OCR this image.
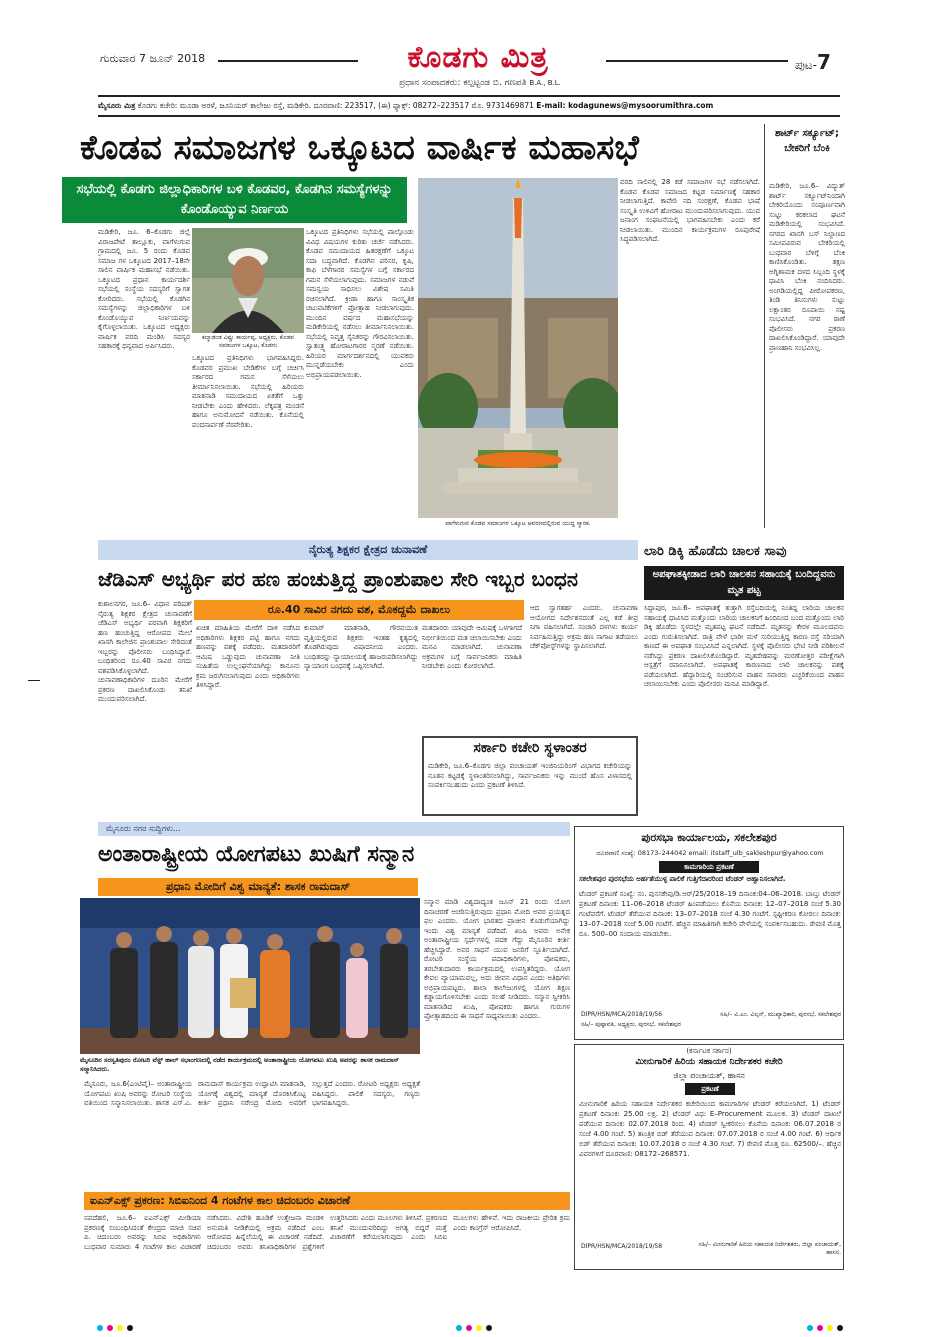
ಗುರುವಾರ 7 ಜೂನ್ 2018	ಕೊಡಗು ಮಿತ್ರ	ಪುಟ-7
ಪ್ರಧಾನ ಸಂಪಾದಕರು: ಕಲ್ಪಟ್ಟಂಡ ಬಿ. ಗಣಪತಿ B.A., B.L.
ಮೈಸೂರು ಮಿತ್ರ ಕೊಡಗು ಕಚೇರಿ: ಮೂಡಾ ಅರಳೆ, ಜೂನಿಯರ್ ಕಾಲೇಜು ರಸ್ತೆ, ಮಡಿಕೇರಿ. ದೂರವಾಣಿ: 223517, (ಈ) ಫ್ಯಾಕ್ಸ್: 08272–223517 ಮೊ. 9731469871 E-mail: kodagunews@mysoorumithra.com
ಕೊಡವ ಸಮಾಜಗಳ ಒಕ್ಕೂಟದ ವಾರ್ಷಿಕ ಮಹಾಸಭೆ
ಸಭೆಯಲ್ಲಿ ಕೊಡಗು ಜಿಲ್ಲಾಧಿಕಾರಿಗಳ ಬಳಿ ಕೊಡವರ, ಕೊಡಗಿನ ಸಮಸ್ಯೆಗಳನ್ನು ಕೊಂಡೊಯ್ಯುವ ನಿರ್ಣಯ
ಮಡಿಕೇರಿ, ಜೂ. 6–ಕೊಡಗು ಜಿಲ್ಲೆ ವಿರಾಜಪೇಟೆ ತಾಲ್ಲೂಕು, ವಾಗೆಳುಗುವ ಗ್ರಾಮದಲ್ಲಿ ಜೂ. 5 ರಂದು ಕೊಡವ ಸಮಾಜ ಗಳ ಒಕ್ಕೂಟದ 2017–18ನೇ ಸಾಲಿನ ವಾರ್ಷಿಕ ಮಹಾಸಭೆ ನಡೆಯಿತು. ಒಕ್ಕೂಟದ ಪ್ರಧಾನ ಕಾರ್ಯದರ್ಶಿ ಸಭೆಯಲ್ಲಿ ಸಂಸ್ಥೆಯ ಸದಸ್ಯರಿಗೆ ಸ್ವಾಗತ ಕೋರಿದರು. ಸಭೆಯಲ್ಲಿ ಕೊಡಗಿನ ಸಮಸ್ಯೆಗಳನ್ನು ಜಿಲ್ಲಾಧಿಕಾರಿಗಳ ಬಳಿ ಕೊಂಡೊಯ್ಯುವ ನಿರ್ಣಯವನ್ನು ಕೈಗೊಳ್ಳಲಾಯಿತು. ಒಕ್ಕೂಟದ ಅಧ್ಯಕ್ಷರು ವಾರ್ಷಿಕ ವರದಿ ಮಂಡಿಸಿ ಸದಸ್ಯರ ಸಹಕಾರಕ್ಕೆ ಧನ್ಯವಾದ ಅರ್ಪಿಸಿದರು.
ಕಲ್ಮಾಡಂಡ ವಿಷ್ಣು ಕಾರ್ಯಪ್ಪ, ಅಧ್ಯಕ್ಷರು, ಕೊಡವ ಸಮಾಜಗಳ ಒಕ್ಕೂಟ, ಕೊಡಗು
ಒಕ್ಕೂಟದ ಪ್ರತಿನಿಧಿಗಳು ಭಾಗವಹಿಸಿದ್ದರು. ಕೊಡವರ ಪ್ರಮುಖ ಬೇಡಿಕೆಗಳ ಬಗ್ಗೆ ಚರ್ಚಿಸಿ ಸರ್ಕಾರದ ಗಮನ ಸೆಳೆಯಲು ತೀರ್ಮಾನಿಸಲಾಯಿತು. ಸಭೆಯಲ್ಲಿ ಹಿರಿಯರು ಮಾತನಾಡಿ ಸಮುದಾಯದ ಏಕತೆಗೆ ಒತ್ತು ನೀಡಬೇಕು ಎಂದು ಹೇಳಿದರು. ಲೆಕ್ಕಪತ್ರ ಮಂಡನೆ ಹಾಗೂ ಅನುಮೋದನೆ ನಡೆಯಿತು. ಕೊನೆಯಲ್ಲಿ ವಂದನಾರ್ಪಣೆ ನೆರವೇರಿತು.
ಒಕ್ಕೂಟದ ಪ್ರತಿನಿಧಿಗಳು ಸಭೆಯಲ್ಲಿ ಪಾಲ್ಗೊಂಡು ವಿವಿಧ ವಿಷಯಗಳ ಕುರಿತು ಚರ್ಚೆ ನಡೆಸಿದರು. ಕೊಡವ ಸಮುದಾಯದ ಹಿತರಕ್ಷಣೆಗೆ ಒಕ್ಕೂಟ ಸದಾ ಬದ್ಧವಾಗಿದೆ. ಕೊಡಗಿನ ಪರಿಸರ, ಕೃಷಿ, ಕಾಫಿ ಬೆಳೆಗಾರರ ಸಮಸ್ಯೆಗಳ ಬಗ್ಗೆ ಸರ್ಕಾರದ ಗಮನ ಸೆಳೆಯಲಾಗುವುದು. ಸಮಾಜಗಳ ನಡುವೆ ಸಮನ್ವಯ ಸಾಧಿಸಲು ವಿಶೇಷ ಸಮಿತಿ ರಚಿಸಲಾಗಿದೆ. ಕ್ರೀಡಾ ಹಾಗೂ ಸಾಂಸ್ಕೃತಿಕ ಚಟುವಟಿಕೆಗಳಿಗೆ ಪ್ರೋತ್ಸಾಹ ನೀಡಲಾಗುವುದು. ಮುಂದಿನ ವರ್ಷದ ಮಹಾಸಭೆಯನ್ನು ಮಡಿಕೇರಿಯಲ್ಲಿ ನಡೆಸಲು ತೀರ್ಮಾನಿಸಲಾಯಿತು. ಸಭೆಯಲ್ಲಿ ನಿವೃತ್ತ ಸೈನಿಕರನ್ನು ಗೌರವಿಸಲಾಯಿತು. ಸ್ವಾತಂತ್ರ್ಯ ಹೋರಾಟಗಾರರ ಸ್ಮರಣೆ ನಡೆಯಿತು. ಹಿರಿಯರ ಮಾರ್ಗದರ್ಶನದಲ್ಲಿ ಯುವಕರು ಮುನ್ನಡೆಯಬೇಕು ಎಂದು ಅಭಿಪ್ರಾಯಪಡಲಾಯಿತು.
ವಾಗೆಳುಗುವ ಕೊಡವ ಸಮಾಜಗಳ ಒಕ್ಕೂಟ ಆವರಣದಲ್ಲಿರುವ ಯುದ್ಧ ಸ್ಮಾರಕ.
ವರದಿ ಸಾಲಿನಲ್ಲಿ 28 ಕಡೆ ಸಮಾಜಗಳ ಸಭೆ ನಡೆಸಲಾಗಿದೆ. ಕೊಡವ ಕೊಡವ ಸಮಾಜದ ಕಟ್ಟಡ ನಿರ್ಮಾಣಕ್ಕೆ ಸಹಕಾರ ನೀಡಲಾಗುತ್ತಿದೆ. ಕಾವೇರಿ ನದಿ ಸಂರಕ್ಷಣೆ, ಕೊಡವ ಭಾಷೆ ಸಂಸ್ಕೃತಿ ಉಳಿವಿಗೆ ಹೋರಾಟ ಮುಂದುವರಿಸಲಾಗುವುದು. ಯುವ ಜನಾಂಗ ಸಂಘಟನೆಯಲ್ಲಿ ಭಾಗವಹಿಸಬೇಕು ಎಂದು ಕರೆ ನೀಡಲಾಯಿತು. ಮುಂದಿನ ಕಾರ್ಯಕ್ರಮಗಳ ರೂಪುರೇಷೆ ಸಿದ್ಧಪಡಿಸಲಾಗಿದೆ.
ಶಾರ್ಟ್ ಸರ್ಕ್ಯೂಟ್; ಬೇಕರಿಗೆ ಬೆಂಕಿ
ಮಡಿಕೇರಿ, ಜೂ.6– ವಿದ್ಯುತ್ ಶಾರ್ಟ್ ಸರ್ಕ್ಯೂಟ್‌ನಿಂದಾಗಿ ಬೇಕರಿಯೊಂದು ಸಂಪೂರ್ಣವಾಗಿ ಸುಟ್ಟು ಕರಕಲಾದ ಘಟನೆ ಮಡಿಕೇರಿಯಲ್ಲಿ ಸಂಭವಿಸಿದೆ. ನಗರದ ಖಾಸಗಿ ಬಸ್ ನಿಲ್ದಾಣದ ಸಮೀಪವಿರುವ ಬೇಕರಿಯಲ್ಲಿ ಬುಧವಾರ ಬೆಳಿಗ್ಗೆ ಬೆಂಕಿ ಕಾಣಿಸಿಕೊಂಡಿತು. ತಕ್ಷಣ ಅಗ್ನಿಶಾಮಕ ದಳದ ಸಿಬ್ಬಂದಿ ಸ್ಥಳಕ್ಕೆ ಧಾವಿಸಿ ಬೆಂಕಿ ನಂದಿಸಿದರು. ಅಂಗಡಿಯಲ್ಲಿದ್ದ ಪೀಠೋಪಕರಣ, ತಿಂಡಿ ತಿನಿಸುಗಳು ಸುಟ್ಟು ಲಕ್ಷಾಂತರ ರೂಪಾಯಿ ನಷ್ಟ ಸಂಭವಿಸಿದೆ. ನಗರ ಠಾಣೆ ಪೊಲೀಸರು ಪ್ರಕರಣ ದಾಖಲಿಸಿಕೊಂಡಿದ್ದಾರೆ. ಯಾವುದೇ ಪ್ರಾಣಹಾನಿ ಸಂಭವಿಸಿಲ್ಲ.
ನೈರುತ್ಯ ಶಿಕ್ಷಕರ ಕ್ಷೇತ್ರದ ಚುನಾವಣೆ
ಜೆಡಿಎಸ್ ಅಭ್ಯರ್ಥಿ ಪರ ಹಣ ಹಂಚುತ್ತಿದ್ದ ಪ್ರಾಂಶುಪಾಲ ಸೇರಿ ಇಬ್ಬರ ಬಂಧನ
ರೂ.40 ಸಾವಿರ ನಗದು ವಶ, ಮೊಕದ್ದಮೆ ದಾಖಲು
ಕುಶಾಲನಗರ, ಜೂ.6– ವಿಧಾನ ಪರಿಷತ್ ನೈರುತ್ಯ ಶಿಕ್ಷಕರ ಕ್ಷೇತ್ರದ ಚುನಾವಣೆಗೆ ಜೆಡಿಎಸ್ ಅಭ್ಯರ್ಥಿ ಪರವಾಗಿ ಶಿಕ್ಷಕರಿಗೆ ಹಣ ಹಂಚುತ್ತಿದ್ದ ಆರೋಪದ ಮೇಲೆ ಖಾಸಗಿ ಕಾಲೇಜಿನ ಪ್ರಾಂಶುಪಾಲ ಸೇರಿದಂತೆ ಇಬ್ಬರನ್ನು ಪೊಲೀಸರು ಬಂಧಿಸಿದ್ದಾರೆ. ಬಂಧಿತರಿಂದ ರೂ.40 ಸಾವಿರ ನಗದು ವಶಪಡಿಸಿಕೊಳ್ಳಲಾಗಿದೆ. ಚುನಾವಣಾಧಿಕಾರಿಗಳ ದೂರಿನ ಮೇರೆಗೆ ಪ್ರಕರಣ ದಾಖಲಿಸಿಕೊಂಡು ತನಿಖೆ ಮುಂದುವರಿಸಲಾಗಿದೆ.
ಖಚಿತ ಮಾಹಿತಿಯ ಮೇರೆಗೆ ದಾಳಿ ನಡೆಸಿದ ಅಧಿಕಾರಿಗಳು ಶಿಕ್ಷಕರ ಪಟ್ಟಿ ಹಾಗೂ ನಗದು ಹಣವನ್ನು ವಶಕ್ಕೆ ಪಡೆದರು. ಮತದಾರರಿಗೆ ಆಮಿಷ ಒಡ್ಡುವುದು ಚುನಾವಣಾ ನೀತಿ ಸಂಹಿತೆಯ ಉಲ್ಲಂಘನೆಯಾಗಿದ್ದು ಕಾನೂನು ಕ್ರಮ ಜರುಗಿಸಲಾಗುವುದು ಎಂದು ಅಧಿಕಾರಿಗಳು ತಿಳಿಸಿದ್ದಾರೆ.
ಕುಮಾರ್ ಮಾತನಾಡಿ, ಗೌರವಯುತ ವೃತ್ತಿಯಲ್ಲಿರುವ ಶಿಕ್ಷಕರು ಇಂತಹ ಕೃತ್ಯದಲ್ಲಿ ತೊಡಗಿರುವುದು ವಿಷಾದನೀಯ ಎಂದರು. ಬಂಧಿತರನ್ನು ನ್ಯಾಯಾಲಯಕ್ಕೆ ಹಾಜರುಪಡಿಸಲಾಗಿದ್ದು ನ್ಯಾಯಾಂಗ ಬಂಧನಕ್ಕೆ ಒಪ್ಪಿಸಲಾಗಿದೆ.
ಮತದಾರರು ಯಾವುದೇ ಆಮಿಷಕ್ಕೆ ಒಳಗಾಗದೆ ನಿರ್ಭೀತಿಯಿಂದ ಮತ ಚಲಾಯಿಸಬೇಕು ಎಂದು ಮನವಿ ಮಾಡಲಾಗಿದೆ. ಚುನಾವಣಾ ಅಕ್ರಮಗಳ ಬಗ್ಗೆ ಸಾರ್ವಜನಿಕರು ಮಾಹಿತಿ ನೀಡಬೇಕು ಎಂದು ಕೋರಲಾಗಿದೆ.
ಆದ ಸ್ವಾಗತರ್ಹ ಎಂದರು. ಚುನಾವಣಾ ಆಯೋಗದ ನಿರ್ದೇಶನದಂತೆ ಎಲ್ಲ ಕಡೆ ತೀವ್ರ ನಿಗಾ ವಹಿಸಲಾಗಿದೆ. ಸಂಚಾರಿ ದಳಗಳು ಕಾರ್ಯ ನಿರ್ವಹಿಸುತ್ತಿದ್ದು ಅಕ್ರಮ ಹಣ ಸಾಗಾಟ ತಡೆಯಲು ಚೆಕ್‌ಪೋಸ್ಟ್‌ಗಳನ್ನು ಸ್ಥಾಪಿಸಲಾಗಿದೆ.
ಸರ್ಕಾರಿ ಕಚೇರಿ ಸ್ಥಳಾಂತರ
ಮಡಿಕೇರಿ, ಜೂ.6–ಕೊಡಗು ಜಿಲ್ಲಾ ಪಂಚಾಯತ್ ಇಂಜಿನಿಯರಿಂಗ್ ವಿಭಾಗದ ಕಚೇರಿಯನ್ನು ನೂತನ ಕಟ್ಟಡಕ್ಕೆ ಸ್ಥಳಾಂತರಿಸಲಾಗಿದ್ದು, ಸಾರ್ವಜನಿಕರು ಇನ್ನು ಮುಂದೆ ಹೊಸ ವಿಳಾಸದಲ್ಲಿ ಸಂಪರ್ಕಿಸಬಹುದು ಎಂದು ಪ್ರಕಟಣೆ ತಿಳಿಸಿದೆ.
ಲಾರಿ ಡಿಕ್ಕಿ ಹೊಡೆದು ಚಾಲಕ ಸಾವು
ಅಪಘಾತಕ್ಕೀಡಾದ ಲಾರಿ ಚಾಲಕನ ಸಹಾಯಕ್ಕೆ ಬಂದಿದ್ದವನು ಮೃತ ಪಟ್ಟ
ಸಿದ್ದಾಪುರ, ಜೂ.6– ಅಪಘಾತಕ್ಕೆ ತುತ್ತಾಗಿ ರಸ್ತೆಬದಿಯಲ್ಲಿ ನಿಂತಿದ್ದ ಲಾರಿಯ ಚಾಲಕನ ಸಹಾಯಕ್ಕೆ ಧಾವಿಸಿದ ಮತ್ತೊಂದು ಲಾರಿಯ ಚಾಲಕನಿಗೆ ಹಿಂದಿನಿಂದ ಬಂದ ಮತ್ತೊಂದು ಲಾರಿ ಡಿಕ್ಕಿ ಹೊಡೆದು ಸ್ಥಳದಲ್ಲೇ ಮೃತಪಟ್ಟ ಘಟನೆ ನಡೆದಿದೆ. ಮೃತನನ್ನು ಕೇರಳ ಮೂಲದವನು ಎಂದು ಗುರುತಿಸಲಾಗಿದೆ. ರಾತ್ರಿ ವೇಳೆ ಭಾರೀ ಮಳೆ ಸುರಿಯುತ್ತಿದ್ದ ಕಾರಣ ರಸ್ತೆ ಸರಿಯಾಗಿ ಕಾಣದೆ ಈ ಅಪಘಾತ ಸಂಭವಿಸಿದೆ ಎನ್ನಲಾಗಿದೆ. ಸ್ಥಳಕ್ಕೆ ಪೊಲೀಸರು ಭೇಟಿ ನೀಡಿ ಪರಿಶೀಲನೆ ನಡೆಸಿದ್ದು ಪ್ರಕರಣ ದಾಖಲಿಸಿಕೊಂಡಿದ್ದಾರೆ. ಮೃತದೇಹವನ್ನು ಮರಣೋತ್ತರ ಪರೀಕ್ಷೆಗಾಗಿ ಆಸ್ಪತ್ರೆಗೆ ರವಾನಿಸಲಾಗಿದೆ. ಅಪಘಾತಕ್ಕೆ ಕಾರಣನಾದ ಲಾರಿ ಚಾಲಕನನ್ನು ವಶಕ್ಕೆ ಪಡೆಯಲಾಗಿದೆ. ಹೆದ್ದಾರಿಯಲ್ಲಿ ಸಂಚರಿಸುವ ವಾಹನ ಸವಾರರು ಎಚ್ಚರಿಕೆಯಿಂದ ವಾಹನ ಚಲಾಯಿಸಬೇಕು ಎಂದು ಪೊಲೀಸರು ಮನವಿ ಮಾಡಿದ್ದಾರೆ.
ಮೈಸೂರು ನಗರ ಸುದ್ದಿಗಳು...
ಅಂತಾರಾಷ್ಟ್ರೀಯ ಯೋಗಪಟು ಖುಷಿಗೆ ಸನ್ಮಾನ
ಪ್ರಧಾನಿ ಮೋದಿಗೆ ವಿಶ್ವ ಮಾನ್ಯತೆ: ಶಾಸಕ ರಾಮದಾಸ್
ಮೈಸೂರಿನ ಸರಸ್ವತಿಪುರಂ ರೋಟರಿ ವೆಸ್ಟ್ ಹಾಲ್ ಸಭಾಂಗಣದಲ್ಲಿ ನಡೆದ ಕಾರ್ಯಕ್ರಮದಲ್ಲಿ ಅಂತಾರಾಷ್ಟ್ರೀಯ ಯೋಗಪಟು ಖುಷಿ ಅವರನ್ನು ಶಾಸಕ ರಾಮದಾಸ್ ಸನ್ಮಾನಿಸಿದರು.
ಸನ್ಮಾನ ಮಾಡಿ ವಿಶ್ವದಾದ್ಯಂತ ಜೂನ್ 21 ರಂದು ಯೋಗ ದಿನಾಚರಣೆ ಆಚರಿಸುತ್ತಿರುವುದು ಪ್ರಧಾನಿ ಮೋದಿ ಅವರ ಪ್ರಯತ್ನದ ಫಲ ಎಂದರು. ಯೋಗ ಭಾರತದ ಪ್ರಾಚೀನ ಕೊಡುಗೆಯಾಗಿದ್ದು ಇಂದು ವಿಶ್ವ ಮಾನ್ಯತೆ ಪಡೆದಿದೆ. ಖುಷಿ ಅವರು ಅನೇಕ ಅಂತಾರಾಷ್ಟ್ರೀಯ ಸ್ಪರ್ಧೆಗಳಲ್ಲಿ ಪದಕ ಗೆದ್ದು ಮೈಸೂರಿನ ಕೀರ್ತಿ ಹೆಚ್ಚಿಸಿದ್ದಾರೆ. ಅವರ ಸಾಧನೆ ಯುವ ಜನರಿಗೆ ಸ್ಫೂರ್ತಿಯಾಗಿದೆ. ರೋಟರಿ ಸಂಸ್ಥೆಯ ಪದಾಧಿಕಾರಿಗಳು, ಪೋಷಕರು, ತರಬೇತುದಾರರು ಕಾರ್ಯಕ್ರಮದಲ್ಲಿ ಉಪಸ್ಥಿತರಿದ್ದರು. ಯೋಗ ಕೇವಲ ವ್ಯಾಯಾಮವಲ್ಲ, ಅದು ಜೀವನ ವಿಧಾನ ಎಂದು ಅತಿಥಿಗಳು ಅಭಿಪ್ರಾಯಪಟ್ಟರು. ಶಾಲಾ ಕಾಲೇಜುಗಳಲ್ಲಿ ಯೋಗ ಶಿಕ್ಷಣ ಕಡ್ಡಾಯಗೊಳಿಸಬೇಕು ಎಂದು ಸಲಹೆ ನೀಡಿದರು. ಸನ್ಮಾನ ಸ್ವೀಕರಿಸಿ ಮಾತನಾಡಿದ ಖುಷಿ, ಪೋಷಕರು ಹಾಗೂ ಗುರುಗಳ ಪ್ರೋತ್ಸಾಹದಿಂದ ಈ ಸಾಧನೆ ಸಾಧ್ಯವಾಯಿತು ಎಂದರು.
ಮೈಸೂರು, ಜೂ.6(ಎಂಟಿವೈ)– ಅಂತಾರಾಷ್ಟ್ರೀಯ ಯೋಗಪಟು ಖುಷಿ ಅವರನ್ನು ರೋಟರಿ ಸಂಸ್ಥೆಯ ವತಿಯಿಂದ ಸನ್ಮಾನಿಸಲಾಯಿತು. ಶಾಸಕ ಎಸ್.ಎ. ರಾಮದಾಸ್ ಕಾರ್ಯಕ್ರಮ ಉದ್ಘಾಟಿಸಿ ಮಾತನಾಡಿ, ಯೋಗಕ್ಕೆ ವಿಶ್ವದಲ್ಲಿ ಮಾನ್ಯತೆ ದೊರಕಿಸಿಕೊಟ್ಟ ಕೀರ್ತಿ ಪ್ರಧಾನಿ ನರೇಂದ್ರ ಮೋದಿ ಅವರಿಗೆ ಸಲ್ಲುತ್ತದೆ ಎಂದರು. ರೋಟರಿ ಅಧ್ಯಕ್ಷರು ಅಧ್ಯಕ್ಷತೆ ವಹಿಸಿದ್ದರು. ಪಾಲಿಕೆ ಸದಸ್ಯರು, ಗಣ್ಯರು ಭಾಗವಹಿಸಿದ್ದರು.
ಐಎನ್‌ಎಕ್ಸ್ ಪ್ರಕರಣ: ಸಿಬಿಐನಿಂದ 4 ಗಂಟೆಗಳ ಕಾಲ ಚಿದಂಬರಂ ವಿಚಾರಣೆ
ನವದೆಹಲಿ, ಜೂ.6– ಐಎನ್‌ಎಕ್ಸ್ ಮೀಡಿಯಾ ಪ್ರಕರಣಕ್ಕೆ ಸಂಬಂಧಿಸಿದಂತೆ ಕೇಂದ್ರದ ಮಾಜಿ ಸಚಿವ ಪಿ. ಚಿದಂಬರಂ ಅವರನ್ನು ಸಿಬಿಐ ಅಧಿಕಾರಿಗಳು ಬುಧವಾರ ಸುಮಾರು 4 ಗಂಟೆಗಳ ಕಾಲ ವಿಚಾರಣೆ ನಡೆಸಿದರು. ವಿದೇಶಿ ಹೂಡಿಕೆ ಉತ್ತೇಜನಾ ಮಂಡಳಿ ಅನುಮತಿ ನೀಡಿಕೆಯಲ್ಲಿ ಅಕ್ರಮ ನಡೆದಿದೆ ಎಂಬ ಆರೋಪದ ಹಿನ್ನೆಲೆಯಲ್ಲಿ ಈ ವಿಚಾರಣೆ ನಡೆದಿದೆ. ಚಿದಂಬರಂ ಅವರು ತನಿಖಾಧಿಕಾರಿಗಳ ಪ್ರಶ್ನೆಗಳಿಗೆ ಉತ್ತರಿಸಿದರು ಎಂದು ಮೂಲಗಳು ತಿಳಿಸಿವೆ. ಪ್ರಕರಣದ ತನಿಖೆ ಮುಂದುವರಿದಿದ್ದು ಅಗತ್ಯ ಬಿದ್ದರೆ ಮತ್ತೆ ವಿಚಾರಣೆಗೆ ಕರೆಯಲಾಗುವುದು ಎಂದು ಸಿಬಿಐ ಮೂಲಗಳು ಹೇಳಿವೆ. ಇದು ರಾಜಕೀಯ ಪ್ರೇರಿತ ಕ್ರಮ ಎಂದು ಕಾಂಗ್ರೆಸ್ ಆರೋಪಿಸಿದೆ.
ಪುರಸಭಾ ಕಾರ್ಯಾಲಯ, ಸಕಲೇಶಪುರ
ದೂರವಾಣಿ ಸಂಖ್ಯೆ: 08173–244042 email: itstaff_ulb_sakleshpur@yahoo.com
ಕಾಮಗಾರಿಯ ಪ್ರಕಟಣೆ
ಸಕಲೇಶಪುರ ಪುರಸಭೆಯ ಅರ್ಹತೆಯುಳ್ಳ ಪಾಲಿಕೆ ಗುತ್ತಿಗೆದಾರರಿಂದ ಟೆಂಡರ್ ಆಹ್ವಾನಿಸಲಾಗಿದೆ.
ಟೆಂಡರ್ ಪ್ರಕಟಣೆ ಸಂಖ್ಯೆ: ಸಂ. ಪುಸಸಕೇಪು/ಡಿ.ಆರ್/25/2018–19 ದಿನಾಂಕ:04–06–2018. ಬಾಬ್ತು ಟೆಂಡರ್ ಪ್ರಕಟಣೆ ದಿನಾಂಕ: 11–06–2018 ಟೆಂಡರ್ ಹಿಂಪಡೆಯಲು ಕೊನೆಯ ದಿನಾಂಕ: 12–07–2018 ಸಂಜೆ 5.30 ಗಂಟೆವರೆಗೆ. ಟೆಂಡರ್ ತೆರೆಯುವ ದಿನಾಂಕ: 13–07–2018 ಸಂಜೆ 4.30 ಗಂಟೆಗೆ. ಸ್ಪಷ್ಟೀಕರಣ ಕೋರಲು ದಿನಾಂಕ: 13–07–2018 ಸಂಜೆ 5.00 ಗಂಟೆಗೆ. ಹೆಚ್ಚಿನ ಮಾಹಿತಿಗಾಗಿ ಕಚೇರಿ ವೇಳೆಯಲ್ಲಿ ಸಂಪರ್ಕಿಸಬಹುದು. ಠೇವಣಿ ಮೊತ್ತ ರೂ. 500–00 ಸಂದಾಯ ಮಾಡಬೇಕು.
DIPR/HSN/MCA/2018/19/56
ಸಹಿ/– ಪುಷ್ಪಾವತಿ, ಅಧ್ಯಕ್ಷರು, ಪುರಸಭೆ, ಸಕಲೇಶಪುರ
ಸಹಿ/– ವಿ.ಎಂ. ವಿಲ್ಸನ್, ಮುಖ್ಯಾಧಿಕಾರಿ, ಪುರಸಭೆ, ಸಕಲೇಶಪುರ
(ಕರ್ನಾಟಕ ಸರ್ಕಾರ)
ಮೀನುಗಾರಿಕೆ ಹಿರಿಯ ಸಹಾಯಕ ನಿರ್ದೇಶಕರ ಕಚೇರಿ
ಜಿಲ್ಲಾ ಪಂಚಾಯತ್, ಹಾಸನ
ಪ್ರಕಟಣೆ
ಮೀನುಗಾರಿಕೆ ಹಿರಿಯ ಸಹಾಯಕ ನಿರ್ದೇಶಕರ ಕಚೇರಿಯಿಂದ ಕಾಮಗಾರಿಗಳ ಟೆಂಡರ್ ಕರೆಯಲಾಗಿದೆ. 1) ಟೆಂಡರ್ ಪ್ರಕಟಣೆ ದಿನಾಂಕ: 25.00 ಲಕ್ಷ. 2) ಟೆಂಡರ್ ವಿಧ: E–Procurement ಮೂಲಕ. 3) ಟೆಂಡರ್ ದಾಖಲೆ ಪಡೆಯುವ ದಿನಾಂಕ: 02.07.2018 ರಿಂದ. 4) ಟೆಂಡರ್ ಸ್ವೀಕರಿಸಲು ಕೊನೆಯ ದಿನಾಂಕ: 06.07.2018 ರ ಸಂಜೆ 4.00 ಗಂಟೆ. 5) ತಾಂತ್ರಿಕ ಬಿಡ್ ತೆರೆಯುವ ದಿನಾಂಕ: 07.07.2018 ರ ಸಂಜೆ 4.00 ಗಂಟೆ. 6) ಆರ್ಥಿಕ ಬಿಡ್ ತೆರೆಯುವ ದಿನಾಂಕ: 10.07.2018 ರ ಸಂಜೆ 4.30 ಗಂಟೆ. 7) ಠೇವಣಿ ಮೊತ್ತ ರೂ. 62500/–. ಹೆಚ್ಚಿನ ವಿವರಗಳಿಗೆ ದೂರವಾಣಿ: 08172–268571.
DIPR/HSN/MCA/2018/19/58	ಸಹಿ/– ಮೀನುಗಾರಿಕೆ ಹಿರಿಯ ಸಹಾಯಕ ನಿರ್ದೇಶಕರು, ಜಿಲ್ಲಾ ಪಂಚಾಯತ್, ಹಾಸನ.
